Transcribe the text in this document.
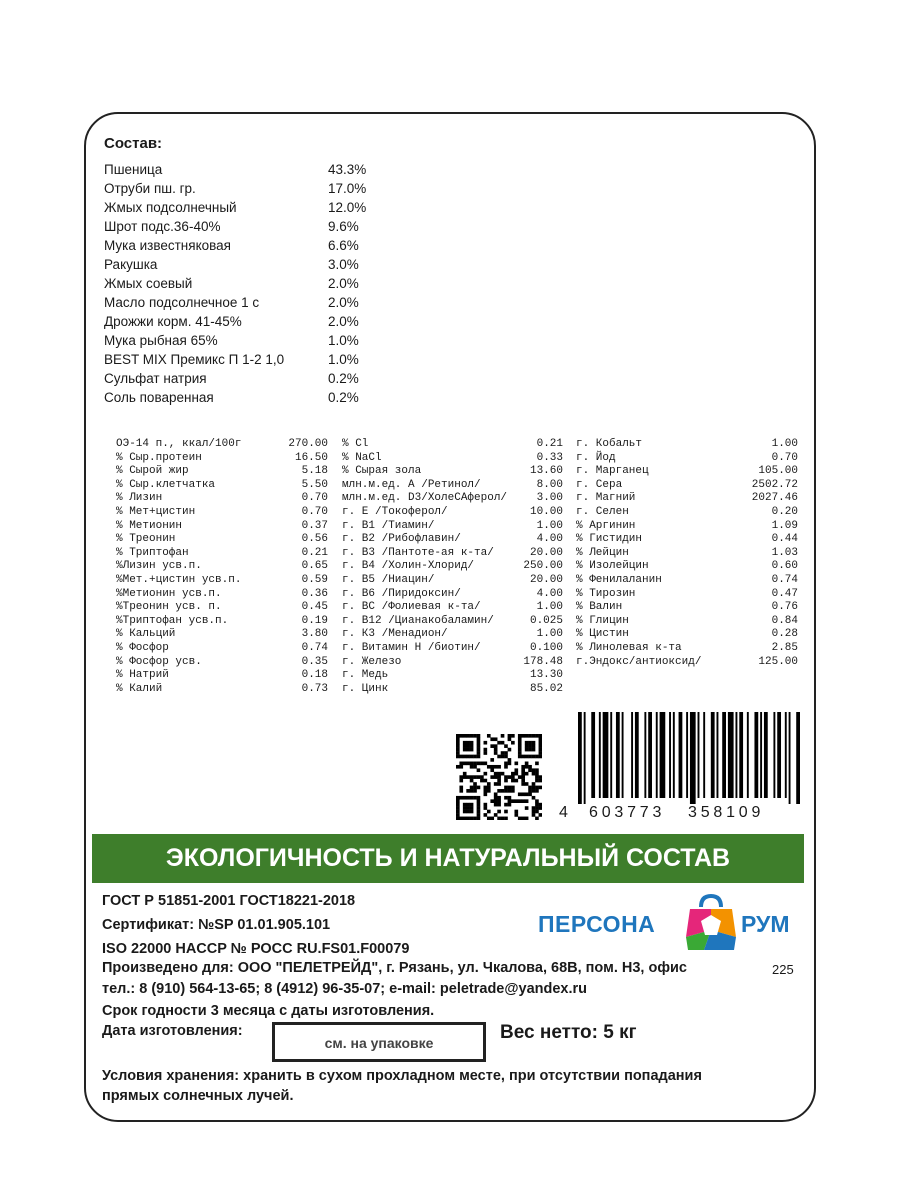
Состав:
Пшеница	43.3%
Отруби пш. гр.	17.0%
Жмых подсолнечный	12.0%
Шрот подс.36-40%	9.6%
Мука известняковая	6.6%
Ракушка	3.0%
Жмых соевый	2.0%
Масло подсолнечное 1 с	2.0%
Дрожжи корм. 41-45%	2.0%
Мука рыбная 65%	1.0%
BEST MIX Премикс П 1-2 1,0	1.0%
Сульфат натрия	0.2%
Соль поваренная	0.2%
ОЭ-14 п., ккал/100г	270.00
% Сыр.протеин	16.50
% Сырой жир	5.18
% Сыр.клетчатка	5.50
% Лизин	0.70
% Мет+цистин	0.70
% Метионин	0.37
% Треонин	0.56
% Триптофан	0.21
%Лизин усв.п.	0.65
%Мет.+цистин усв.п.	0.59
%Метионин усв.п.	0.36
%Треонин усв. п.	0.45
%Триптофан усв.п.	0.19
% Кальций	3.80
% Фосфор	0.74
% Фосфор усв.	0.35
% Натрий	0.18
% Калий	0.73
% Cl	0.21
% NaCl	0.33
% Сырая зола	13.60
млн.м.ед. А /Ретинол/	8.00
млн.м.ед. D3/ХолеСАферол/	3.00
г. Е /Токоферол/	10.00
г. В1 /Тиамин/	1.00
г. В2 /Рибофлавин/	4.00
г. В3 /Пантоте-ая к-та/	20.00
г. В4 /Холин-Хлорид/	250.00
г. В5 /Ниацин/	20.00
г. В6 /Пиридоксин/	4.00
г. ВС /Фолиевая к-та/	1.00
г. В12 /Цианакобаламин/	0.025
г. К3 /Менадион/	1.00
г. Витамин Н /биотин/	0.100
г. Железо	178.48
г. Медь	13.30
г. Цинк	85.02
г. Кобальт	1.00
г. Йод	0.70
г. Марганец	105.00
г. Сера	2502.72
г. Магний	2027.46
г. Селен	0.20
% Аргинин	1.09
% Гистидин	0.44
% Лейцин	1.03
% Изолейцин	0.60
% Фенилаланин	0.74
% Тирозин	0.47
% Валин	0.76
% Глицин	0.84
% Цистин	0.28
% Линолевая к-та	2.85
г.Эндокс/антиоксид/	125.00
4 603773 358109
ЭКОЛОГИЧНОСТЬ И НАТУРАЛЬНЫЙ СОСТАВ
ГОСТ Р 51851-2001 ГОСТ18221-2018
Сертификат: №SP 01.01.905.101
ISO 22000 HACCP № РОСС RU.FS01.F00079
Произведено для: ООО "ПЕЛЕТРЕЙД", г. Рязань, ул. Чкалова, 68В, пом. Н3, офис	225
тел.: 8 (910) 564-13-65; 8 (4912) 96-35-07; e-mail: peletrade@yandex.ru
Срок годности 3 месяца с даты изготовления.
Дата изготовления:
см. на упаковке	Вес нетто: 5 кг
Условия хранения: хранить в сухом прохладном месте, при отсутствии попадания
прямых солнечных лучей.
ПЕРСОНА	РУМ
